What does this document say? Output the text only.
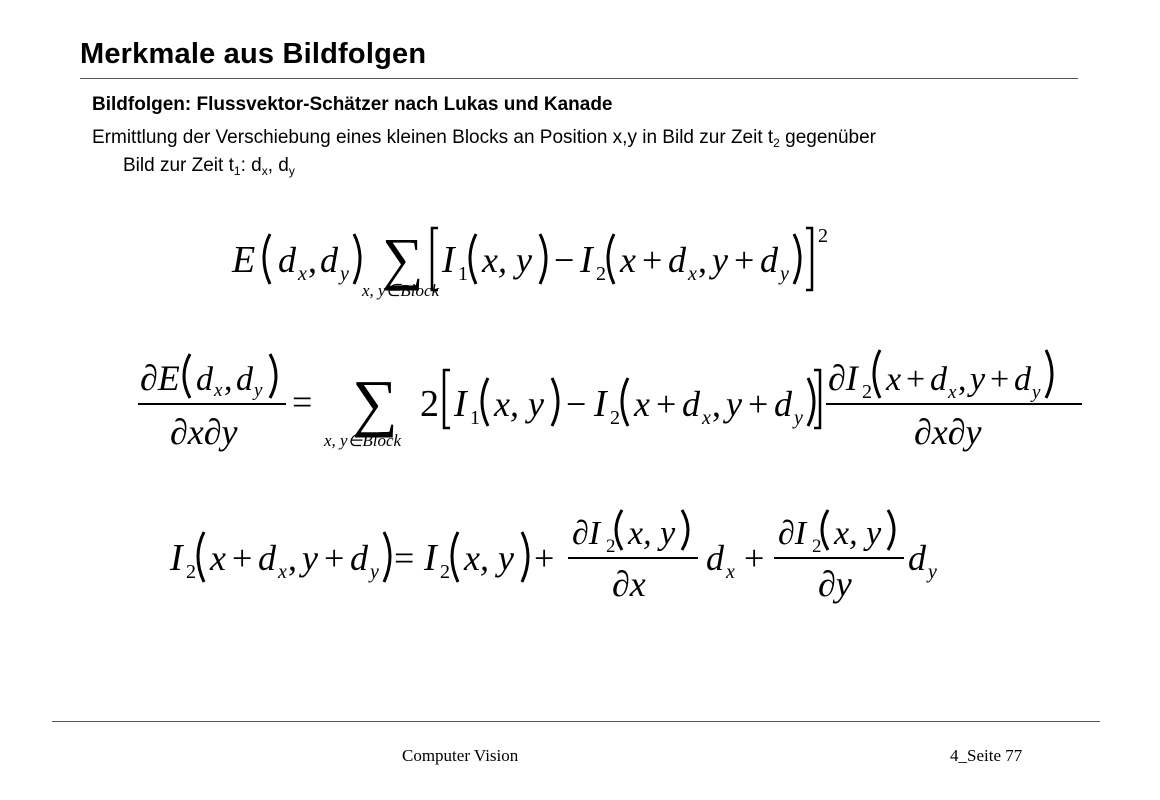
Merkmale aus Bildfolgen
Bildfolgen: Flussvektor-Schätzer nach Lukas und Kanade
Ermittlung der Verschiebung eines kleinen Blocks an Position x,y in Bild zur Zeit $t_2$ gegenüber
Bild zur Zeit $t_1$: $d_x$, $d_y$
E d x , d y ∑
x, y∈Block
I 1 x, y − I 2 x + d x , y + d y
2
∂E d x , d y
∂x∂y
= ∑
x, y∈Block
2 I 1 x, y − I 2 x + d x , y + d y
∂I 2 x + d x , y + d y
∂x∂y
I 2 x + d x , y + d y = I 2 x, y +
∂I 2 x, y
∂x
d x +
∂I 2 x, y
∂y
d y
Computer Vision	4_Seite 77
